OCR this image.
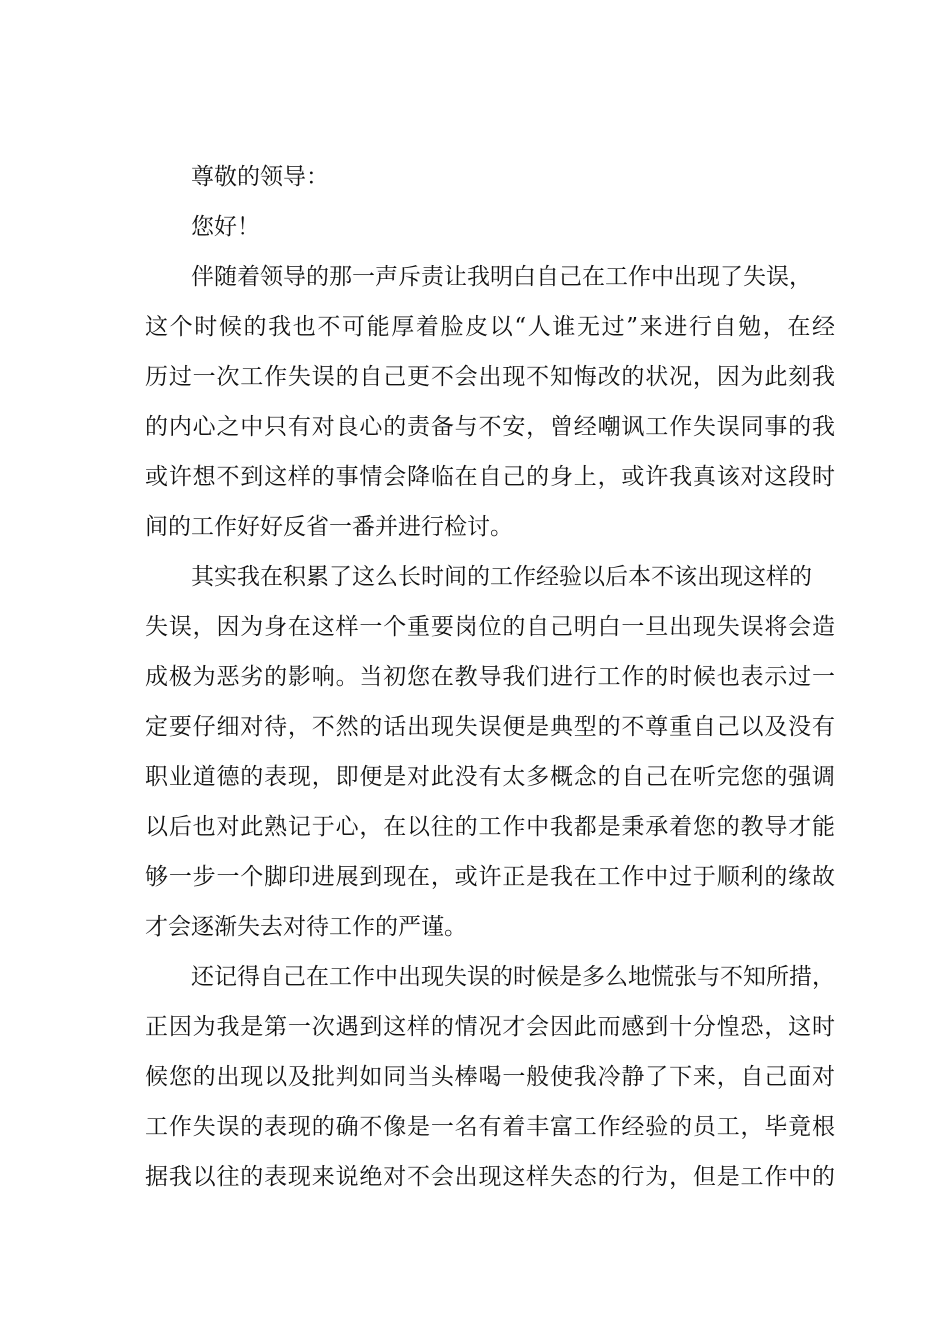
尊敬的领导：
您好！
伴随着领导的那一声斥责让我明白自己在工作中出现了失误，
这个时候的我也不可能厚着脸皮以“人谁无过”来进行自勉，在经
历过一次工作失误的自己更不会出现不知悔改的状况，因为此刻我
的内心之中只有对良心的责备与不安，曾经嘲讽工作失误同事的我
或许想不到这样的事情会降临在自己的身上，或许我真该对这段时
间的工作好好反省一番并进行检讨。
其实我在积累了这么长时间的工作经验以后本不该出现这样的
失误，因为身在这样一个重要岗位的自己明白一旦出现失误将会造
成极为恶劣的影响。当初您在教导我们进行工作的时候也表示过一
定要仔细对待，不然的话出现失误便是典型的不尊重自己以及没有
职业道德的表现，即便是对此没有太多概念的自己在听完您的强调
以后也对此熟记于心，在以往的工作中我都是秉承着您的教导才能
够一步一个脚印进展到现在，或许正是我在工作中过于顺利的缘故
才会逐渐失去对待工作的严谨。
还记得自己在工作中出现失误的时候是多么地慌张与不知所措，
正因为我是第一次遇到这样的情况才会因此而感到十分惶恐，这时
候您的出现以及批判如同当头棒喝一般使我冷静了下来，自己面对
工作失误的表现的确不像是一名有着丰富工作经验的员工，毕竟根
据我以往的表现来说绝对不会出现这样失态的行为，但是工作中的
